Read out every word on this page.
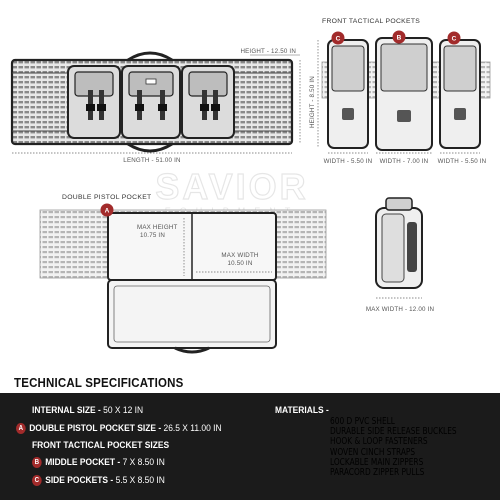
SAVIOR
HEIGHT - 12.50 IN
LENGTH - 51.00 IN
FRONT TACTICAL POCKETS
C	B	C
HEIGHT - 8.50 IN
WIDTH - 5.50 IN WIDTH - 7.00 IN WIDTH - 5.50 IN
DOUBLE PISTOL POCKET
A
MAX HEIGHT
10.75 IN
MAX WIDTH
10.50 IN
MAX WIDTH - 12.00 IN
TECHNICAL SPECIFICATIONS
INTERNAL SIZE - 50 X 12 IN
A DOUBLE PISTOL POCKET SIZE - 26.5 X 11.00 IN
FRONT TACTICAL POCKET SIZES
B MIDDLE POCKET - 7 X 8.50 IN
C SIDE POCKETS - 5.5 X 8.50 IN
MATERIALS -
600 D PVC SHELL
DURABLE SIDE RELEASE BUCKLES
HOOK & LOOP FASTENERS
WOVEN CINCH STRAPS
LOCKABLE MAIN ZIPPERS
PARACORD ZIPPER PULLS
